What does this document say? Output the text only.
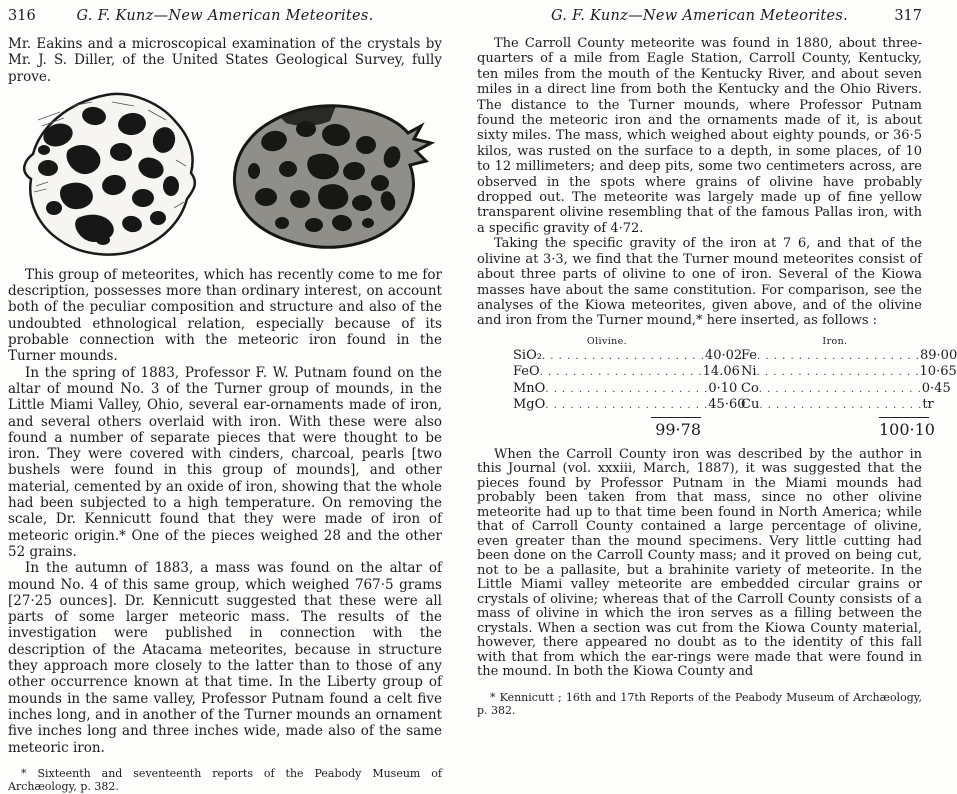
316	G. F. Kunz—New American Meteorites.

Mr. Eakins and a microscopical examination of the crystals by Mr. J. S. Diller, of the United States Geological Survey, fully prove.

This group of meteorites, which has recently come to me for description, possesses more than ordinary interest, on account both of the peculiar composition and structure and also of the undoubted ethnological relation, especially because of its probable connection with the meteoric iron found in the Turner mounds.

In the spring of 1883, Professor F. W. Putnam found on the altar of mound No. 3 of the Turner group of mounds, in the Little Miami Valley, Ohio, several ear-ornaments made of iron, and several others overlaid with iron. With these were also found a number of separate pieces that were thought to be iron. They were covered with cinders, charcoal, pearls [two bushels were found in this group of mounds], and other material, cemented by an oxide of iron, showing that the whole had been subjected to a high temperature. On removing the scale, Dr. Kennicutt found that they were made of iron of meteoric origin.* One of the pieces weighed 28 and the other 52 grains.

In the autumn of 1883, a mass was found on the altar of mound No. 4 of this same group, which weighed 767·5 grams [27·25 ounces]. Dr. Kennicutt suggested that these were all parts of some larger meteoric mass. The results of the investigation were published in connection with the description of the Atacama meteorites, because in structure they approach more closely to the latter than to those of any other occurrence known at that time. In the Liberty group of mounds in the same valley, Professor Putnam found a celt five inches long, and in another of the Turner mounds an ornament five inches long and three inches wide, made also of the same meteoric iron.

* Sixteenth and seventeenth reports of the Peabody Museum of Archæology, p. 382.
G. F. Kunz—New American Meteorites.	317

The Carroll County meteorite was found in 1880, about three-quarters of a mile from Eagle Station, Carroll County, Kentucky, ten miles from the mouth of the Kentucky River, and about seven miles in a direct line from both the Kentucky and the Ohio Rivers. The distance to the Turner mounds, where Professor Putnam found the meteoric iron and the ornaments made of it, is about sixty miles. The mass, which weighed about eighty pounds, or 36·5 kilos, was rusted on the surface to a depth, in some places, of 10 to 12 millimeters; and deep pits, some two centimeters across, are observed in the spots where grains of olivine have probably dropped out. The meteorite was largely made up of fine yellow transparent olivine resembling that of the famous Pallas iron, with a specific gravity of 4·72.

Taking the specific gravity of the iron at 7 6, and that of the olivine at 3·3, we find that the Turner mound meteorites consist of about three parts of olivine to one of iron. Several of the Kiowa masses have about the same constitution. For comparison, see the analyses of the Kiowa meteorites, given above, and of the olivine and iron from the Turner mound,* here inserted, as follows :

Olivine.
SiO₂ . . .	40·02
FeO . . .	14.06
MnO . . .	0·10
MgO . . .	45·60
99·78
Iron.
Fe . . .	89·00
Ni . . .	10·65
Co . . .	0·45
Cu . . .	tr
100·10

When the Carroll County iron was described by the author in this Journal (vol. xxxiii, March, 1887), it was suggested that the pieces found by Professor Putnam in the Miami mounds had probably been taken from that mass, since no other olivine meteorite had up to that time been found in North America; while that of Carroll County contained a large percentage of olivine, even greater than the mound specimens. Very little cutting had been done on the Carroll County mass; and it proved on being cut, not to be a pallasite, but a brahinite variety of meteorite. In the Little Miami valley meteorite are embedded circular grains or crystals of olivine; whereas that of the Carroll County consists of a mass of olivine in which the iron serves as a filling between the crystals. When a section was cut from the Kiowa County material, however, there appeared no doubt as to the identity of this fall with that from which the ear-rings were made that were found in the mound. In both the Kiowa County and

* Kennicutt ; 16th and 17th Reports of the Peabody Museum of Archæology, p. 382.
